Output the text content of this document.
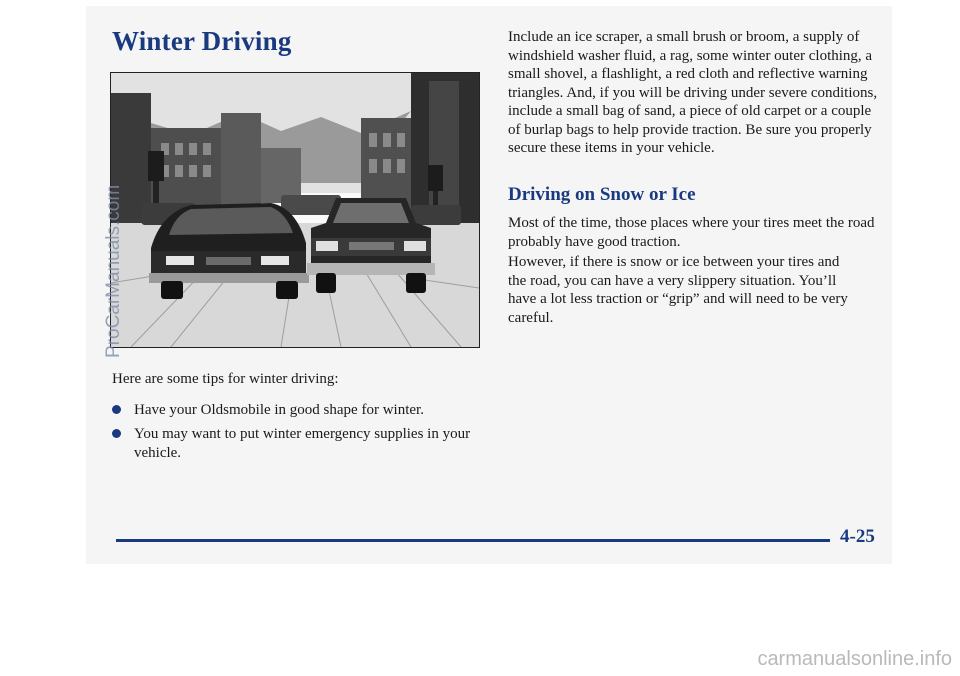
Winter Driving

Here are some tips for winter driving:

Have your Oldsmobile in good shape for winter.

You may want to put winter emergency supplies in your vehicle.

Include an ice scraper, a small brush or broom, a supply of windshield washer fluid, a rag, some winter outer clothing, a small shovel, a flashlight, a red cloth and reflective warning triangles. And, if you will be driving under severe conditions, include a small bag of sand, a piece of old carpet or a couple of burlap bags to help provide traction. Be sure you properly secure these items in your vehicle.

Driving on Snow or Ice

Most of the time, those places where your tires meet the road probably have good traction.

However, if there is snow or ice between your tires and the road, you can have a very slippery situation. You’ll have a lot less traction or “grip” and will need to be very careful.

4-25
ProCarManuals.com
carmanualsonline.info
